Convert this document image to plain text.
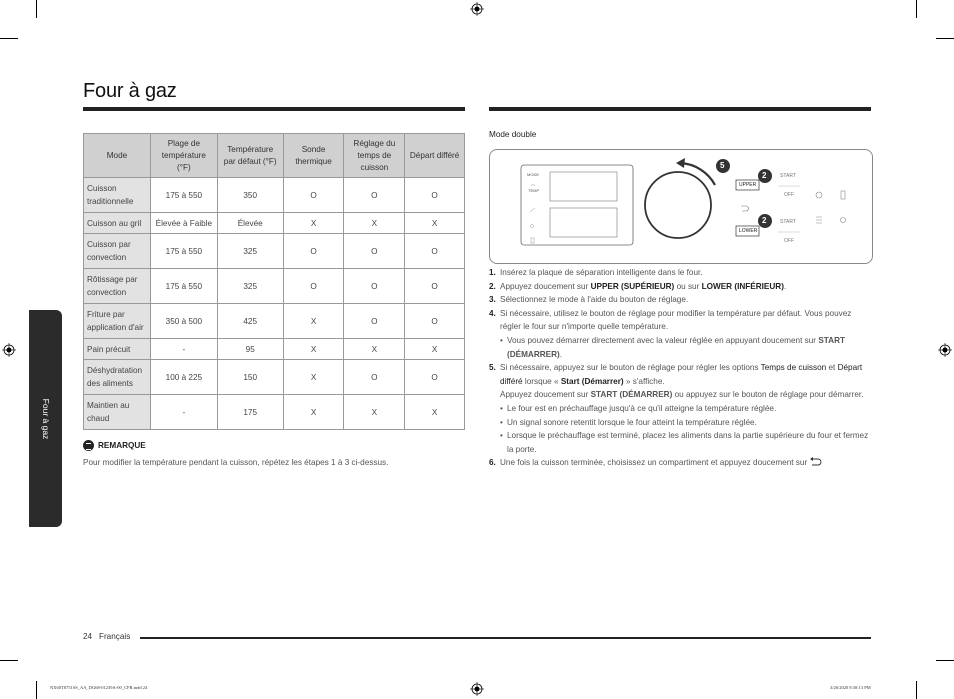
Four à gaz
Four à gaz
Mode	Plage de température (°F)	Température par défaut (°F)	Sonde thermique	Réglage du temps de cuisson	Départ différé
Cuisson traditionnelle	175 à 550	350	O	O	O
Cuisson au gril	Élevée à Faible	Élevée	X	X	X
Cuisson par convection	175 à 550	325	O	O	O
Rôtissage par convection	175 à 550	325	O	O	O
Friture par application d'air	350 à 500	425	X	O	O
Pain précuit	-	95	X	X	X
Déshydratation des aliments	100 à 225	150	X	O	O
Maintien au chaud	-	175	X	X	X
REMARQUE
Pour modifier la température pendant la cuisson, répétez les étapes 1 à 3 ci-dessus.
Mode double
MODE
TEMP
UPPER
LOWER
START
OFF
START
OFF
5
2
2
1. Insérez la plaque de séparation intelligente dans le four.
2. Appuyez doucement sur UPPER (SUPÉRIEUR) ou sur LOWER (INFÉRIEUR).
3. Sélectionnez le mode à l'aide du bouton de réglage.
4. Si nécessaire, utilisez le bouton de réglage pour modifier la température par défaut. Vous pouvez régler le four sur n'importe quelle température.
• Vous pouvez démarrer directement avec la valeur réglée en appuyant doucement sur START (DÉMARRER).
5. Si nécessaire, appuyez sur le bouton de réglage pour régler les options Temps de cuisson et Départ différé lorsque « Start (Démarrer) » s'affiche.
Appuyez doucement sur START (DÉMARRER) ou appuyez sur le bouton de réglage pour démarrer.
• Le four est en préchauffage jusqu'à ce qu'il atteigne la température réglée.
• Un signal sonore retentit lorsque le four atteint la température réglée.
• Lorsque le préchauffage est terminé, placez les aliments dans la partie supérieure du four et fermez la porte.
6. Une fois la cuisson terminée, choisissez un compartiment et appuyez doucement sur
24 Français
NX60T8751SS_AA_DG68-01239A-00_CFR.indd 24	3/26/2020 8:38:13 PM
